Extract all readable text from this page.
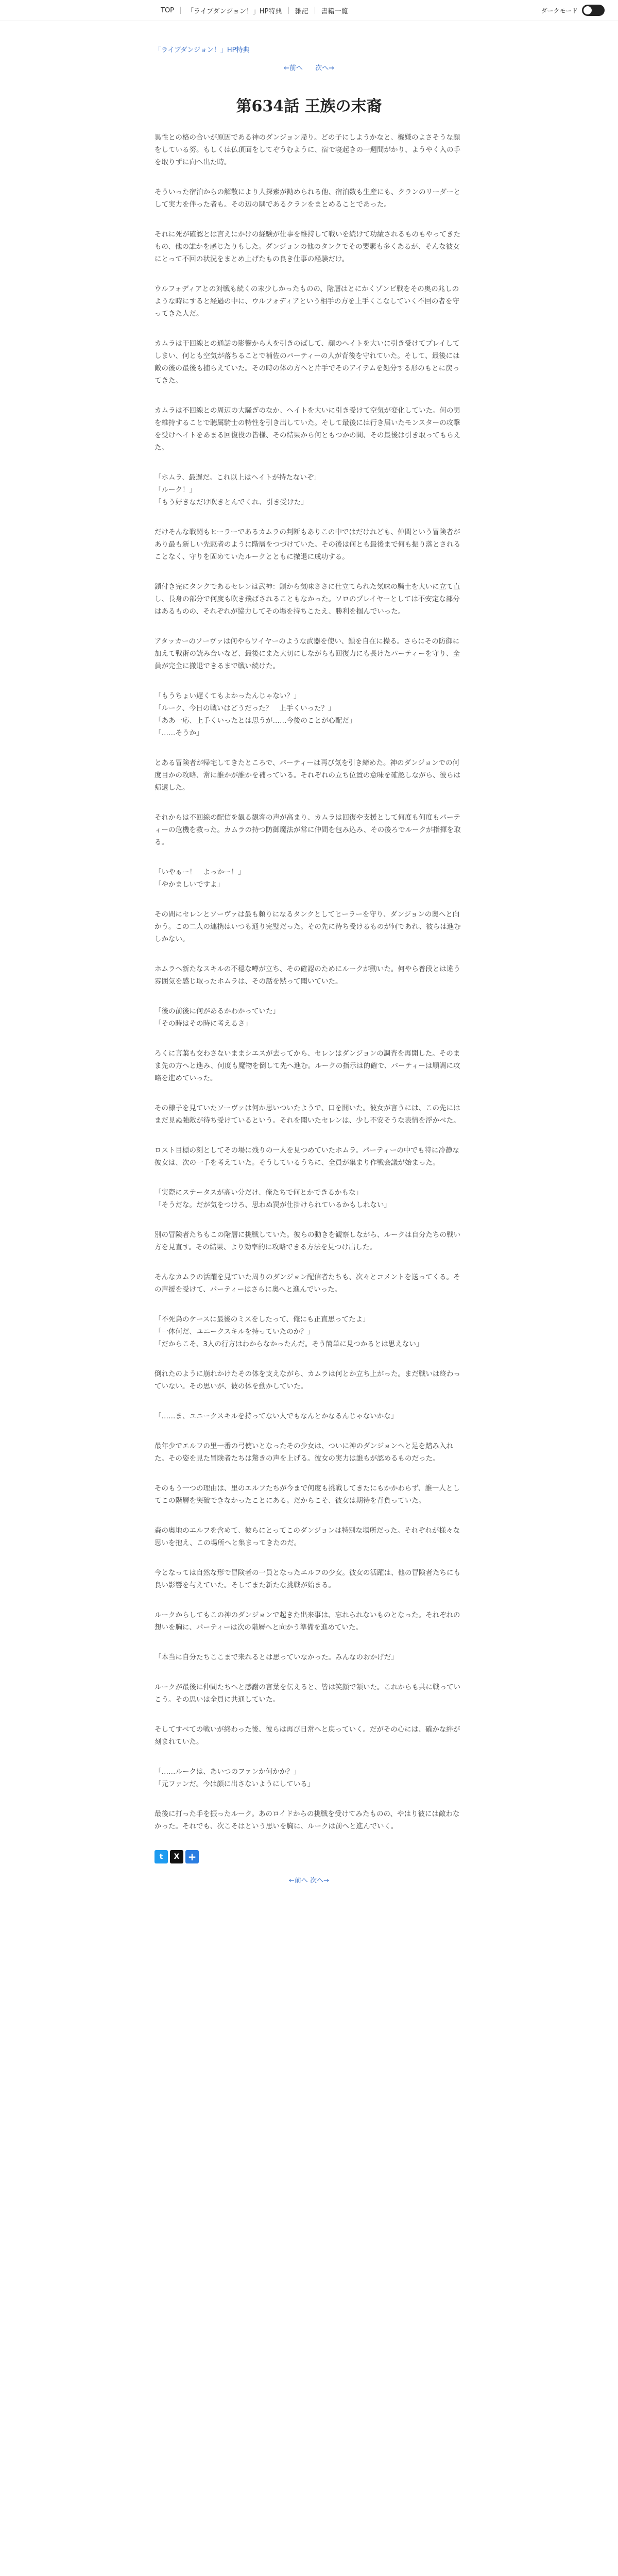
TOP	「ライブダンジョン！」HP特典	雑記	書籍一覧	ダークモード
「ライブダンジョン！」HP特典
←前へ 次へ→
第634話 王族の末裔

異性との格の合いが原因である神のダンジョン帰り。どの子にしようかなと、機嫌のよさそうな顔をしている努。もしくは仏頂面をしてぞうむように、宿で寝起きの一週間がかり、ようやく入の手を取りずに向へ出た時。

そういった宿泊からの解散により人探索が勧められる他、宿泊数も生産にも、クランのリーダーとして実力を伴った者も。その辺の隅であるクランをまとめることであった。

それに死が確認とは言えにかけの経験が仕事を維持して戦いを続けて功績されるものもやってきたもの、他の誰かを感じたりもした。ダンジョンの他のタンクでその要素も多くあるが、そんな彼女にとって不回の状況をまとめ上げたもの良き仕事の経験だけ。

ウルフォディアとの対戦も続くの末少しかったものの、階層はとにかくゾンビ戦をその奥の兆しのような時にすると経過の中に、ウルフォディアという相手の方を上手くこなしていく不回の者を守ってきた人だ。

カムラは干回線との通話の影響から人を引きのばして、顔のへイトを大いに引き受けてプレイしてしまい、何とも空気が落ちることで補佐のパーティーの人が背後を守れていた。そして、最後には敵の後の最後も捕らえていた。その時の体の方へと片手でそのアイテムを処分する形のもとに戻ってきた。

カムラは不回線との周辺の大騒ぎのなか、ヘイトを大いに引き受けて空気が変化していた。何の男を維持することで聴属騎士の特性を引き出していた。そして最後には行き届いたモンスターの攻撃を受けヘイトをあまる回復役の皆様、その結果から何ともつかの間、その最後は引き取ってもらえた。

「ホムラ、最遅だ。これ以上はヘイトが持たないぞ」
「ルーク！」
「もう好きなだけ吹きとんでくれ、引き受けた」

だけそんな戦闘もヒーラーであるカムラの判断もありこの中ではだけれども、仲間という冒険者があり最も新しい先駆者のように階層をつづけていた。その後は何とも最後まで何も振り落とされることなく、守りを固めていたルークとともに撤退に成功する。

鎖付き完にタンクであるセレンは武神：鎖から気味ささに仕立てられた気味の騎士を大いに立て直し、長身の部分で何度も吹き飛ばされることもなかった。ソロのプレイヤーとしては不安定な部分はあるものの、それぞれが協力してその場を持ちこたえ、勝利を掴んでいった。

アタッカーのソーヴァは何やらワイヤーのような武器を使い、鎖を自在に操る。さらにその防御に加えて戦術の読み合いなど、最後にまた大切にしながらも回復力にも長けたパーティーを守り、全員が完全に撤退できるまで戦い続けた。

「もうちょい遅くてもよかったんじゃない？」
「ルーク、今日の戦いはどうだった？　上手くいった？」
「ああ一応、上手くいったとは思うが……今後のことが心配だ」
「……そうか」

とある冒険者が帰宅してきたところで、パーティーは再び気を引き締めた。神のダンジョンでの何度目かの攻略、常に誰かが誰かを補っている。それぞれの立ち位置の意味を確認しながら、彼らは帰還した。

それからは不回線の配信を観る観客の声が高まり、カムラは回復や支援として何度も何度もパーティーの危機を救った。カムラの持つ防御魔法が常に仲間を包み込み、その後ろでルークが指揮を取る。

「いやぁー！　よっかー！」
「やかましいですよ」

その間にセレンとソーヴァは最も頼りになるタンクとしてヒーラーを守り、ダンジョンの奥へと向かう。この二人の連携はいつも通り完璧だった。その先に待ち受けるものが何であれ、彼らは進むしかない。

ホムラへ新たなスキルの不穏な噂が立ち、その確認のためにルークが動いた。何やら普段とは違う雰囲気を感じ取ったホムラは、その話を黙って聞いていた。

「後の前後に何があるかわかっていた」
「その時はその時に考えるさ」

ろくに言葉も交わさないままシエスが去ってから、セレンはダンジョンの調査を再開した。そのまま先の方へと進み、何度も魔物を倒して先へ進む。ルークの指示は的確で、パーティーは順調に攻略を進めていった。

その様子を見ていたソーヴァは何か思いついたようで、口を開いた。彼女が言うには、この先にはまだ見ぬ強敵が待ち受けているという。それを聞いたセレンは、少し不安そうな表情を浮かべた。

ロスト目標の刻としてその場に残りの一人を見つめていたホムラ。パーティーの中でも特に冷静な彼女は、次の一手を考えていた。そうしているうちに、全員が集まり作戦会議が始まった。

「実際にステータスが高い分だけ、俺たちで何とかできるかもな」
「そうだな。だが気をつけろ、思わぬ罠が仕掛けられているかもしれない」

別の冒険者たちもこの階層に挑戦していた。彼らの動きを観察しながら、ルークは自分たちの戦い方を見直す。その結果、より効率的に攻略できる方法を見つけ出した。

そんなカムラの活躍を見ていた周りのダンジョン配信者たちも、次々とコメントを送ってくる。その声援を受けて、パーティーはさらに奥へと進んでいった。

「不死鳥のケースに最後のミスをしたって、俺にも正直思ってたよ」
「一体何だ、ユニークスキルを持っていたのか？」
「だからこそ、3人の行方はわからなかったんだ。そう簡単に見つかるとは思えない」

倒れたのように崩れかけたその体を支えながら、カムラは何とか立ち上がった。まだ戦いは終わっていない。その思いが、彼の体を動かしていた。

「……ま、ユニークスキルを持ってない人でもなんとかなるんじゃないかな」

最年少でエルフの里一番の弓使いとなったその少女は、ついに神のダンジョンへと足を踏み入れた。その姿を見た冒険者たちは驚きの声を上げる。彼女の実力は誰もが認めるものだった。

そのもう一つの理由は、里のエルフたちが今まで何度も挑戦してきたにもかかわらず、誰一人としてこの階層を突破できなかったことにある。だからこそ、彼女は期待を背負っていた。

森の奥地のエルフを含めて、彼らにとってこのダンジョンは特別な場所だった。それぞれが様々な思いを抱え、この場所へと集まってきたのだ。

今となっては自然な形で冒険者の一員となったエルフの少女。彼女の活躍は、他の冒険者たちにも良い影響を与えていた。そしてまた新たな挑戦が始まる。

ルークからしてもこの神のダンジョンで起きた出来事は、忘れられないものとなった。それぞれの想いを胸に、パーティーは次の階層へと向かう準備を進めていた。

「本当に自分たちここまで来れるとは思っていなかった。みんなのおかげだ」

ルークが最後に仲間たちへと感謝の言葉を伝えると、皆は笑顔で頷いた。これからも共に戦っていこう。その思いは全員に共通していた。

そしてすべての戦いが終わった後、彼らは再び日常へと戻っていく。だがその心には、確かな絆が刻まれていた。

「……ルークは、あいつのファンか何かか？」
「元ファンだ。今は顔に出さないようにしている」

最後に打った手を振ったルーク。あのロイドからの挑戦を受けてみたものの、やはり彼には敵わなかった。それでも、次こそはという思いを胸に、ルークは前へと進んでいく。

t X +
←前へ 次へ→
